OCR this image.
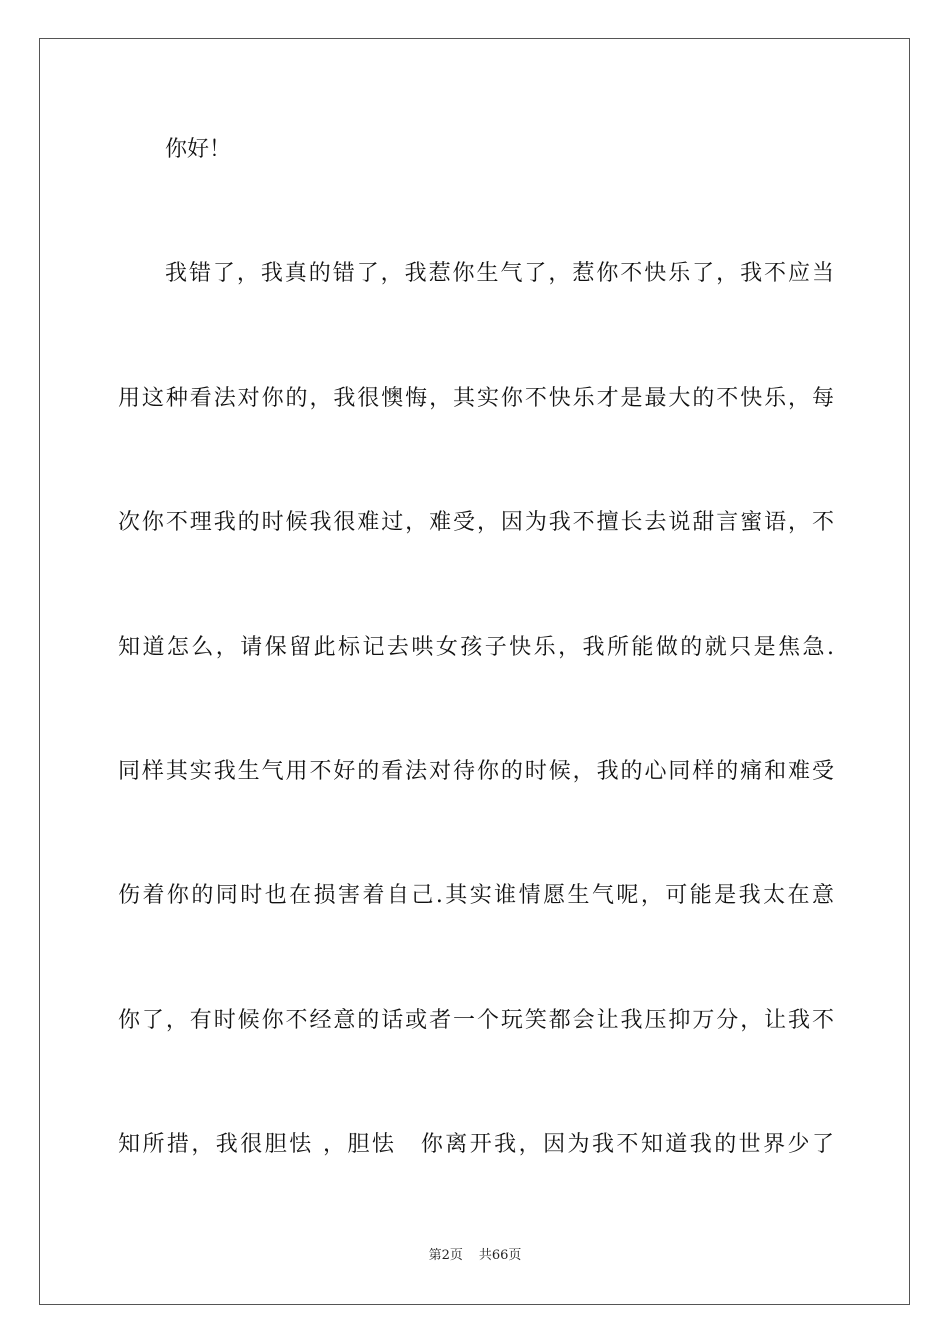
你好！

我错了，我真的错了，我惹你生气了，惹你不快乐了，我不应当

用这种看法对你的，我很懊悔，其实你不快乐才是最大的不快乐，每

次你不理我的时候我很难过，难受，因为我不擅长去说甜言蜜语，不

知道怎么，请保留此标记去哄女孩子快乐，我所能做的就只是焦急.

同样其实我生气用不好的看法对待你的时候，我的心同样的痛和难受

伤着你的同时也在损害着自己.其实谁情愿生气呢，可能是我太在意

你了，有时候你不经意的话或者一个玩笑都会让我压抑万分，让我不

知所措，我很胆怯 ，胆怯　你离开我，因为我不知道我的世界少了

第2页 共66页
